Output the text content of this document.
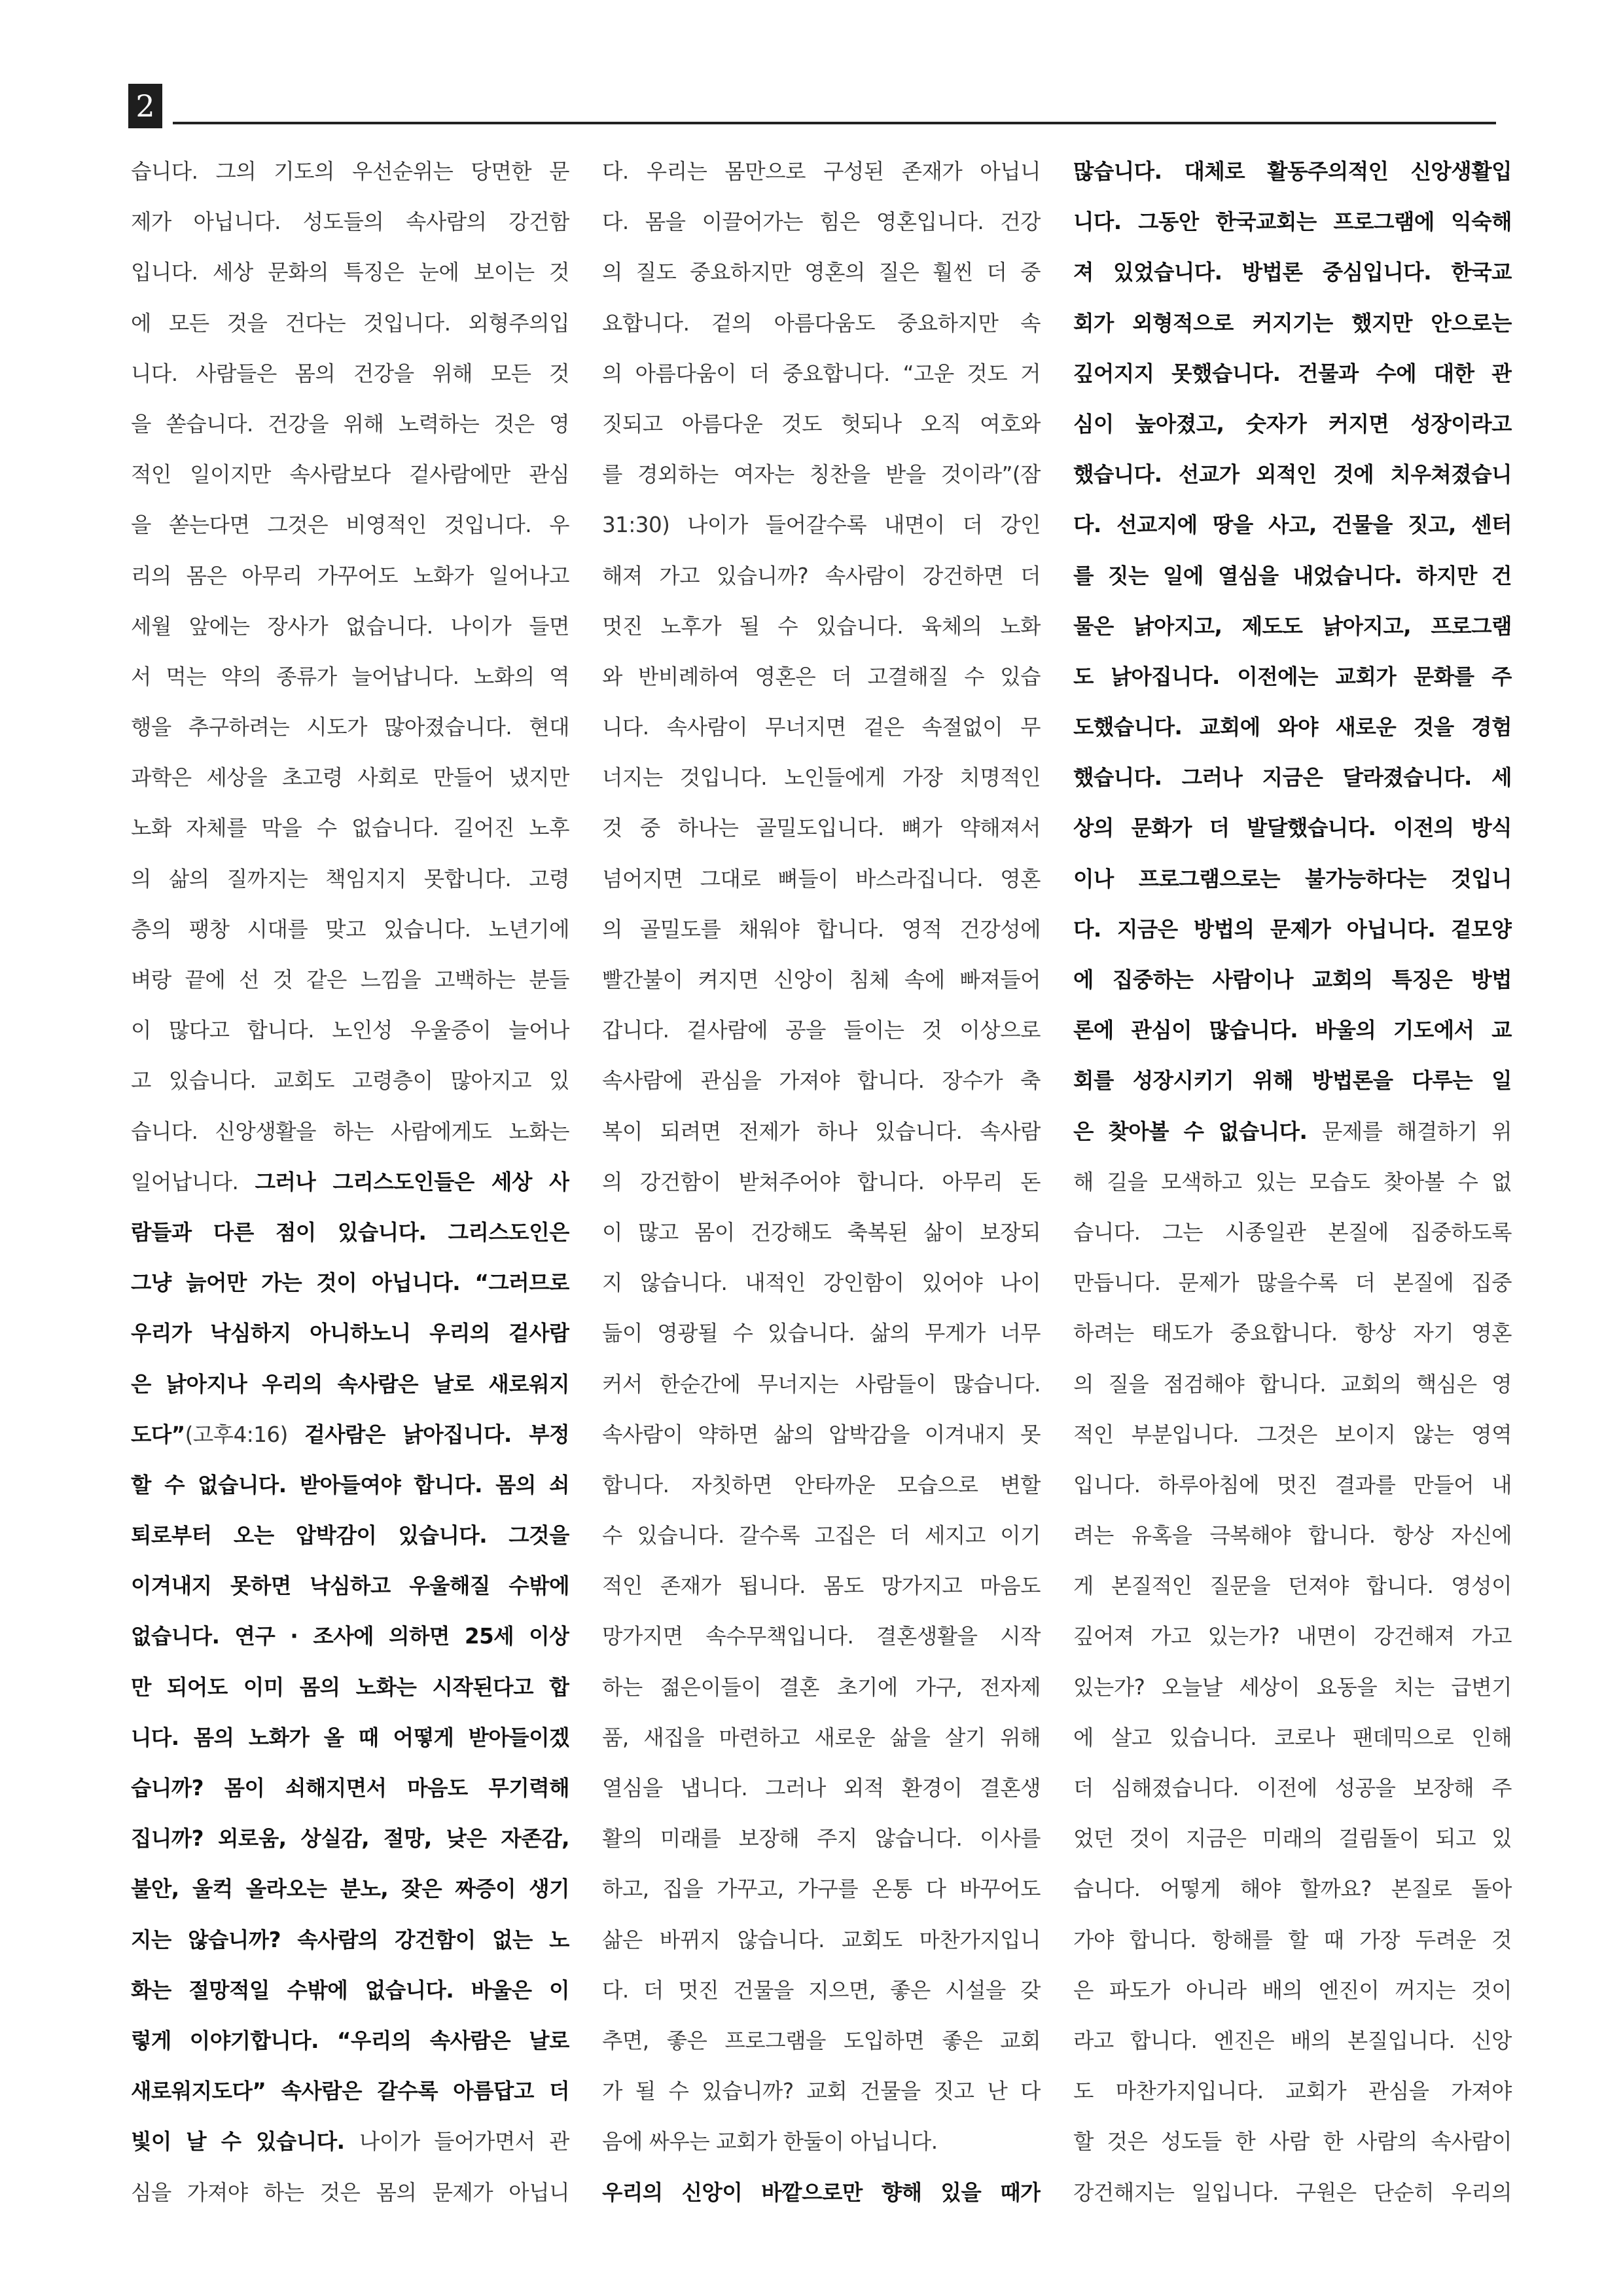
2
습니다. 그의 기도의 우선순위는 당면한 문
제가 아닙니다. 성도들의 속사람의 강건함
입니다. 세상 문화의 특징은 눈에 보이는 것
에 모든 것을 건다는 것입니다. 외형주의입
니다. 사람들은 몸의 건강을 위해 모든 것
을 쏟습니다. 건강을 위해 노력하는 것은 영
적인 일이지만 속사람보다 겉사람에만 관심
을 쏟는다면 그것은 비영적인 것입니다. 우
리의 몸은 아무리 가꾸어도 노화가 일어나고
세월 앞에는 장사가 없습니다. 나이가 들면
서 먹는 약의 종류가 늘어납니다. 노화의 역
행을 추구하려는 시도가 많아졌습니다. 현대
과학은 세상을 초고령 사회로 만들어 냈지만
노화 자체를 막을 수 없습니다. 길어진 노후
의 삶의 질까지는 책임지지 못합니다. 고령
층의 팽창 시대를 맞고 있습니다. 노년기에
벼랑 끝에 선 것 같은 느낌을 고백하는 분들
이 많다고 합니다. 노인성 우울증이 늘어나
고 있습니다. 교회도 고령층이 많아지고 있
습니다. 신앙생활을 하는 사람에게도 노화는
일어납니다. 그러나 그리스도인들은 세상 사
람들과 다른 점이 있습니다. 그리스도인은
그냥 늙어만 가는 것이 아닙니다. “그러므로
우리가 낙심하지 아니하노니 우리의 겉사람
은 낡아지나 우리의 속사람은 날로 새로워지
도다”(고후4:16) 겉사람은 낡아집니다. 부정
할 수 없습니다. 받아들여야 합니다. 몸의 쇠
퇴로부터 오는 압박감이 있습니다. 그것을
이겨내지 못하면 낙심하고 우울해질 수밖에
없습니다. 연구 · 조사에 의하면 25세 이상
만 되어도 이미 몸의 노화는 시작된다고 합
니다. 몸의 노화가 올 때 어떻게 받아들이겠
습니까? 몸이 쇠해지면서 마음도 무기력해
집니까? 외로움, 상실감, 절망, 낮은 자존감,
불안, 울컥 올라오는 분노, 잦은 짜증이 생기
지는 않습니까? 속사람의 강건함이 없는 노
화는 절망적일 수밖에 없습니다. 바울은 이
렇게 이야기합니다. “우리의 속사람은 날로
새로워지도다” 속사람은 갈수록 아름답고 더
빛이 날 수 있습니다. 나이가 들어가면서 관
심을 가져야 하는 것은 몸의 문제가 아닙니
다. 우리는 몸만으로 구성된 존재가 아닙니
다. 몸을 이끌어가는 힘은 영혼입니다. 건강
의 질도 중요하지만 영혼의 질은 훨씬 더 중
요합니다. 겉의 아름다움도 중요하지만 속
의 아름다움이 더 중요합니다. “고운 것도 거
짓되고 아름다운 것도 헛되나 오직 여호와
를 경외하는 여자는 칭찬을 받을 것이라”(잠
31:30) 나이가 들어갈수록 내면이 더 강인
해져 가고 있습니까? 속사람이 강건하면 더
멋진 노후가 될 수 있습니다. 육체의 노화
와 반비례하여 영혼은 더 고결해질 수 있습
니다. 속사람이 무너지면 겉은 속절없이 무
너지는 것입니다. 노인들에게 가장 치명적인
것 중 하나는 골밀도입니다. 뼈가 약해져서
넘어지면 그대로 뼈들이 바스라집니다. 영혼
의 골밀도를 채워야 합니다. 영적 건강성에
빨간불이 켜지면 신앙이 침체 속에 빠져들어
갑니다. 겉사람에 공을 들이는 것 이상으로
속사람에 관심을 가져야 합니다. 장수가 축
복이 되려면 전제가 하나 있습니다. 속사람
의 강건함이 받쳐주어야 합니다. 아무리 돈
이 많고 몸이 건강해도 축복된 삶이 보장되
지 않습니다. 내적인 강인함이 있어야 나이
듦이 영광될 수 있습니다. 삶의 무게가 너무
커서 한순간에 무너지는 사람들이 많습니다.
속사람이 약하면 삶의 압박감을 이겨내지 못
합니다. 자칫하면 안타까운 모습으로 변할
수 있습니다. 갈수록 고집은 더 세지고 이기
적인 존재가 됩니다. 몸도 망가지고 마음도
망가지면 속수무책입니다. 결혼생활을 시작
하는 젊은이들이 결혼 초기에 가구, 전자제
품, 새집을 마련하고 새로운 삶을 살기 위해
열심을 냅니다. 그러나 외적 환경이 결혼생
활의 미래를 보장해 주지 않습니다. 이사를
하고, 집을 가꾸고, 가구를 온통 다 바꾸어도
삶은 바뀌지 않습니다. 교회도 마찬가지입니
다. 더 멋진 건물을 지으면, 좋은 시설을 갖
추면, 좋은 프로그램을 도입하면 좋은 교회
가 될 수 있습니까? 교회 건물을 짓고 난 다
음에 싸우는 교회가 한둘이 아닙니다.
우리의 신앙이 바깥으로만 향해 있을 때가
많습니다. 대체로 활동주의적인 신앙생활입
니다. 그동안 한국교회는 프로그램에 익숙해
져 있었습니다. 방법론 중심입니다. 한국교
회가 외형적으로 커지기는 했지만 안으로는
깊어지지 못했습니다. 건물과 수에 대한 관
심이 높아졌고, 숫자가 커지면 성장이라고
했습니다. 선교가 외적인 것에 치우쳐졌습니
다. 선교지에 땅을 사고, 건물을 짓고, 센터
를 짓는 일에 열심을 내었습니다. 하지만 건
물은 낡아지고, 제도도 낡아지고, 프로그램
도 낡아집니다. 이전에는 교회가 문화를 주
도했습니다. 교회에 와야 새로운 것을 경험
했습니다. 그러나 지금은 달라졌습니다. 세
상의 문화가 더 발달했습니다. 이전의 방식
이나 프로그램으로는 불가능하다는 것입니
다. 지금은 방법의 문제가 아닙니다. 겉모양
에 집중하는 사람이나 교회의 특징은 방법
론에 관심이 많습니다. 바울의 기도에서 교
회를 성장시키기 위해 방법론을 다루는 일
은 찾아볼 수 없습니다. 문제를 해결하기 위
해 길을 모색하고 있는 모습도 찾아볼 수 없
습니다. 그는 시종일관 본질에 집중하도록
만듭니다. 문제가 많을수록 더 본질에 집중
하려는 태도가 중요합니다. 항상 자기 영혼
의 질을 점검해야 합니다. 교회의 핵심은 영
적인 부분입니다. 그것은 보이지 않는 영역
입니다. 하루아침에 멋진 결과를 만들어 내
려는 유혹을 극복해야 합니다. 항상 자신에
게 본질적인 질문을 던져야 합니다. 영성이
깊어져 가고 있는가? 내면이 강건해져 가고
있는가? 오늘날 세상이 요동을 치는 급변기
에 살고 있습니다. 코로나 팬데믹으로 인해
더 심해졌습니다. 이전에 성공을 보장해 주
었던 것이 지금은 미래의 걸림돌이 되고 있
습니다. 어떻게 해야 할까요? 본질로 돌아
가야 합니다. 항해를 할 때 가장 두려운 것
은 파도가 아니라 배의 엔진이 꺼지는 것이
라고 합니다. 엔진은 배의 본질입니다. 신앙
도 마찬가지입니다. 교회가 관심을 가져야
할 것은 성도들 한 사람 한 사람의 속사람이
강건해지는 일입니다. 구원은 단순히 우리의
